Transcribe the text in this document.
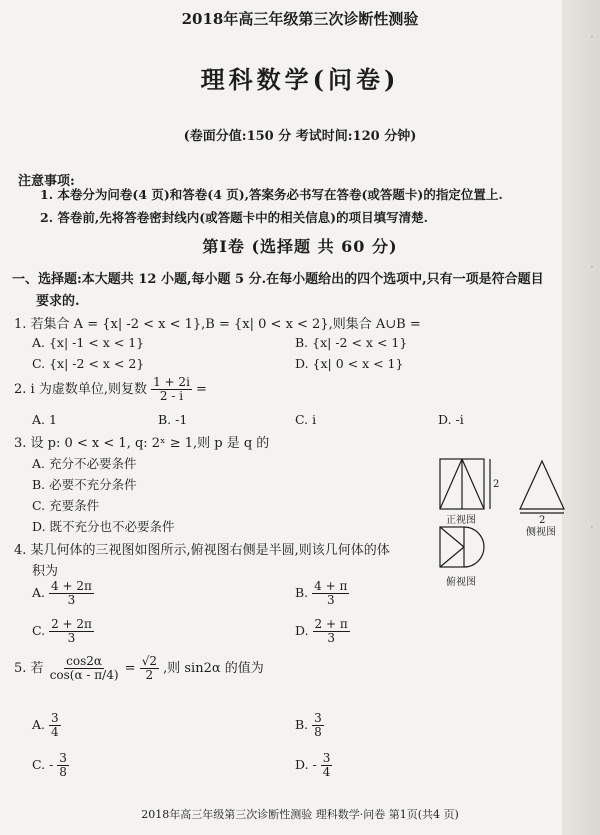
·
·
·
2018年高三年级第三次诊断性测验
理科数学(问卷)
(卷面分值:150 分 考试时间:120 分钟)
注意事项:
1. 本卷分为问卷(4 页)和答卷(4 页),答案务必书写在答卷(或答题卡)的指定位置上.
2. 答卷前,先将答卷密封线内(或答题卡中的相关信息)的项目填写清楚.
第Ⅰ卷 (选择题 共 60 分)
一、选择题:本大题共 12 小题,每小题 5 分.在每小题给出的四个选项中,只有一项是符合题目
要求的.
1. 若集合 A = {x| -2 < x < 1},B = {x| 0 < x < 2},则集合 A∪B =
A. {x| -1 < x < 1}	B. {x| -2 < x < 1}
C. {x| -2 < x < 2}	D. {x| 0 < x < 1}
2. i 为虚数单位,则复数 $\frac{1 + 2i}{2 - i}$ =
A. 1	B. -1	C. i	D. -i
3. 设 p: 0 < x < 1, q: 2ˣ ≥ 1,则 p 是 q 的
A. 充分不必要条件
B. 必要不充分条件
C. 充要条件
D. 既不充分也不必要条件
2
正视图	2
侧视图
俯视图
4. 某几何体的三视图如图所示,俯视图右侧是半圆,则该几何体的体
积为
A. $\frac{4 + 2\pi}{3}$	B. $\frac{4 + \pi}{3}$
C. $\frac{2 + 2\pi}{3}$	D. $\frac{2 + \pi}{3}$
5. 若 $\frac{\cos 2\alpha}{\cos(\alpha - \pi/4)} = \frac{√2}{2}$ ,则 sin2α 的值为
A. $\frac{3}{4}$	B. $\frac{3}{8}$
C. - $\frac{3}{8}$	D. - $\frac{3}{4}$
2018年高三年级第三次诊断性测验 理科数学·问卷 第1页(共4 页)
